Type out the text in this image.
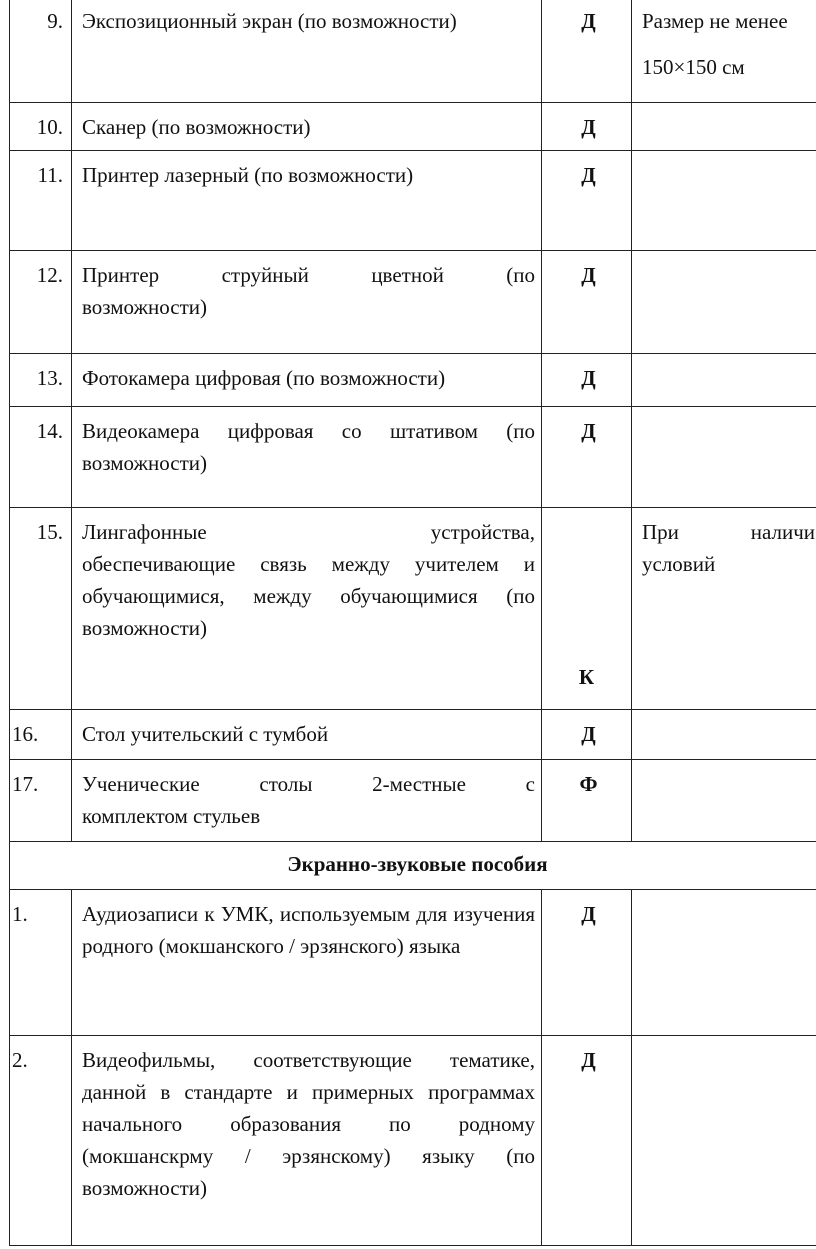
9.	Экспозиционный экран (по возможности)	Д	Размер не менее
150×150 см

10.	Сканер (по возможности)	Д	
11.	Принтер лазерный (по возможности)	Д	
12.	Принтер струйный цветной (по
возможности)	Д	
13.	Фотокамера цифровая (по возможности)	Д	
14.	Видеокамера цифровая со штативом (по
возможности)	Д	
15.	Лингафонные устройства,
обеспечивающие связь между учителем и обучающимися, между обучающимися (по возможности)	К	При наличи
условий
16.	Стол учительский с тумбой	Д	
17.	Ученические столы 2-местные с
комплектом стульев	Ф	
Экранно-звуковые пособия			
1.	Аудиозаписи к УМК, используемым для изучения родного (мокшанского / эрзянского) языка	Д	
2.	Видеофильмы, соответствующие тематике, данной в стандарте и примерных программах начального образования по родному (мокшанскрму / эрзянскому) языку (по возможности)	Д	
